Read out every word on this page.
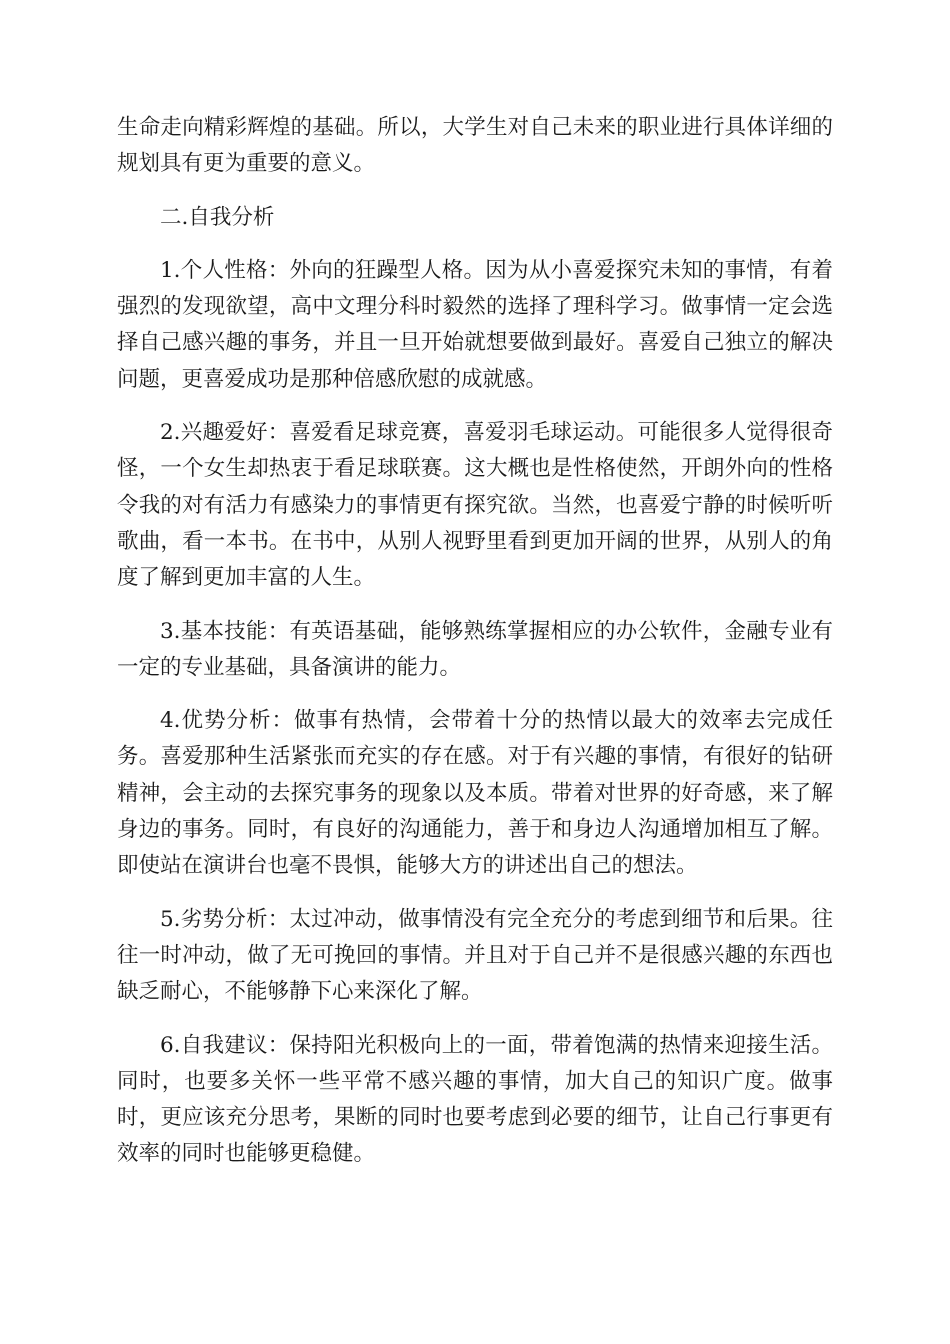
生命走向精彩辉煌的基础。所以，大学生对自己未来的职业进行具体详细的规划具有更为重要的意义。

二.自我分析

1.个人性格：外向的狂躁型人格。因为从小喜爱探究未知的事情，有着强烈的发现欲望，高中文理分科时毅然的选择了理科学习。做事情一定会选择自己感兴趣的事务，并且一旦开始就想要做到最好。喜爱自己独立的解决问题，更喜爱成功是那种倍感欣慰的成就感。

2.兴趣爱好：喜爱看足球竞赛，喜爱羽毛球运动。可能很多人觉得很奇怪，一个女生却热衷于看足球联赛。这大概也是性格使然，开朗外向的性格令我的对有活力有感染力的事情更有探究欲。当然，也喜爱宁静的时候听听歌曲，看一本书。在书中，从别人视野里看到更加开阔的世界，从别人的角度了解到更加丰富的人生。

3.基本技能：有英语基础，能够熟练掌握相应的办公软件，金融专业有一定的专业基础，具备演讲的能力。

4.优势分析：做事有热情，会带着十分的热情以最大的效率去完成任务。喜爱那种生活紧张而充实的存在感。对于有兴趣的事情，有很好的钻研精神，会主动的去探究事务的现象以及本质。带着对世界的好奇感，来了解身边的事务。同时，有良好的沟通能力，善于和身边人沟通增加相互了解。即使站在演讲台也毫不畏惧，能够大方的讲述出自己的想法。

5.劣势分析：太过冲动，做事情没有完全充分的考虑到细节和后果。往往一时冲动，做了无可挽回的事情。并且对于自己并不是很感兴趣的东西也缺乏耐心，不能够静下心来深化了解。

6.自我建议：保持阳光积极向上的一面，带着饱满的热情来迎接生活。同时，也要多关怀一些平常不感兴趣的事情，加大自己的知识广度。做事时，更应该充分思考，果断的同时也要考虑到必要的细节，让自己行事更有效率的同时也能够更稳健。
